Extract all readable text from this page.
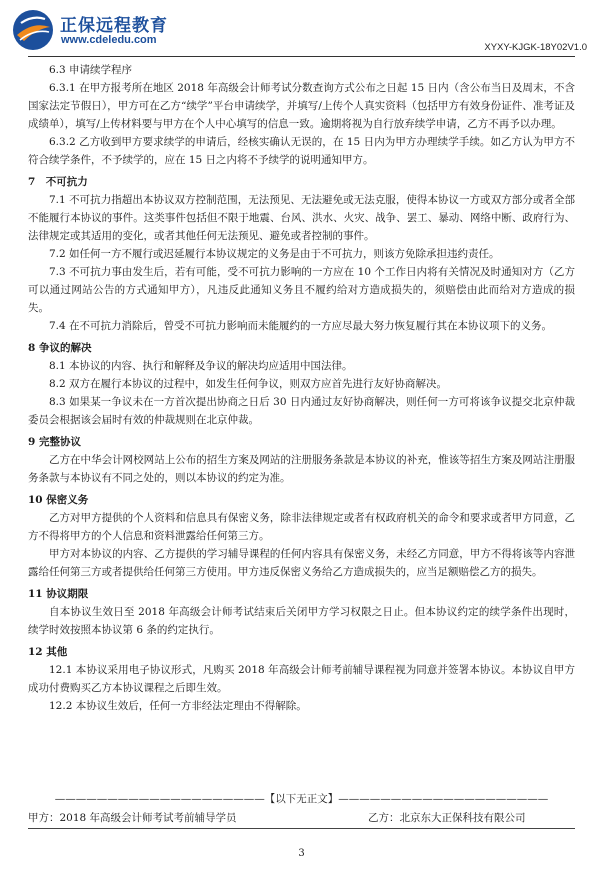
正保远程教育
www.cdeledu.com
XYXY-KJGK-18Y02V1.0

6.3 申请续学程序

6.3.1 在甲方报考所在地区 2018 年高级会计师考试分数查询方式公布之日起 15 日内（含公布当日及周末，不含国家法定节假日），甲方可在乙方“续学”平台申请续学，并填写/上传个人真实资料（包括甲方有效身份证件、准考证及成绩单），填写/上传材料要与甲方在个人中心填写的信息一致。逾期将视为自行放弃续学申请，乙方不再予以办理。

6.3.2 乙方收到甲方要求续学的申请后，经核实确认无误的，在 15 日内为甲方办理续学手续。如乙方认为甲方不符合续学条件，不予续学的，应在 15 日之内将不予续学的说明通知甲方。

7　不可抗力

7.1 不可抗力指超出本协议双方控制范围，无法预见、无法避免或无法克服，使得本协议一方或双方部分或者全部不能履行本协议的事件。这类事件包括但不限于地震、台风、洪水、火灾、战争、罢工、暴动、网络中断、政府行为、法律规定或其适用的变化，或者其他任何无法预见、避免或者控制的事件。

7.2 如任何一方不履行或迟延履行本协议规定的义务是由于不可抗力，则该方免除承担违约责任。

7.3 不可抗力事由发生后，若有可能，受不可抗力影响的一方应在 10 个工作日内将有关情况及时通知对方（乙方可以通过网站公告的方式通知甲方），凡违反此通知义务且不履约给对方造成损失的，须赔偿由此而给对方造成的损失。

7.4 在不可抗力消除后，曾受不可抗力影响而未能履约的一方应尽最大努力恢复履行其在本协议项下的义务。

8 争议的解决

8.1 本协议的内容、执行和解释及争议的解决均应适用中国法律。

8.2 双方在履行本协议的过程中，如发生任何争议，则双方应首先进行友好协商解决。

8.3 如果某一争议未在一方首次提出协商之日后 30 日内通过友好协商解决，则任何一方可将该争议提交北京仲裁委员会根据该会届时有效的仲裁规则在北京仲裁。

9 完整协议

乙方在中华会计网校网站上公布的招生方案及网站的注册服务条款是本协议的补充，惟该等招生方案及网站注册服务条款与本协议有不同之处的，则以本协议的约定为准。

10 保密义务

乙方对甲方提供的个人资料和信息具有保密义务，除非法律规定或者有权政府机关的命令和要求或者甲方同意，乙方不得将甲方的个人信息和资料泄露给任何第三方。

甲方对本协议的内容、乙方提供的学习辅导课程的任何内容具有保密义务，未经乙方同意，甲方不得将该等内容泄露给任何第三方或者提供给任何第三方使用。甲方违反保密义务给乙方造成损失的，应当足额赔偿乙方的损失。

11 协议期限

自本协议生效日至 2018 年高级会计师考试结束后关闭甲方学习权限之日止。但本协议约定的续学条件出现时，续学时效按照本协议第 6 条的约定执行。

12 其他

12.1 本协议采用电子协议形式，凡购买 2018 年高级会计师考前辅导课程视为同意并签署本协议。本协议自甲方成功付费购买乙方本协议课程之后即生效。

12.2 本协议生效后，任何一方非经法定理由不得解除。

————————————————————【以下无正文】————————————————————
甲方：2018 年高级会计师考试考前辅导学员	乙方：北京东大正保科技有限公司
3
